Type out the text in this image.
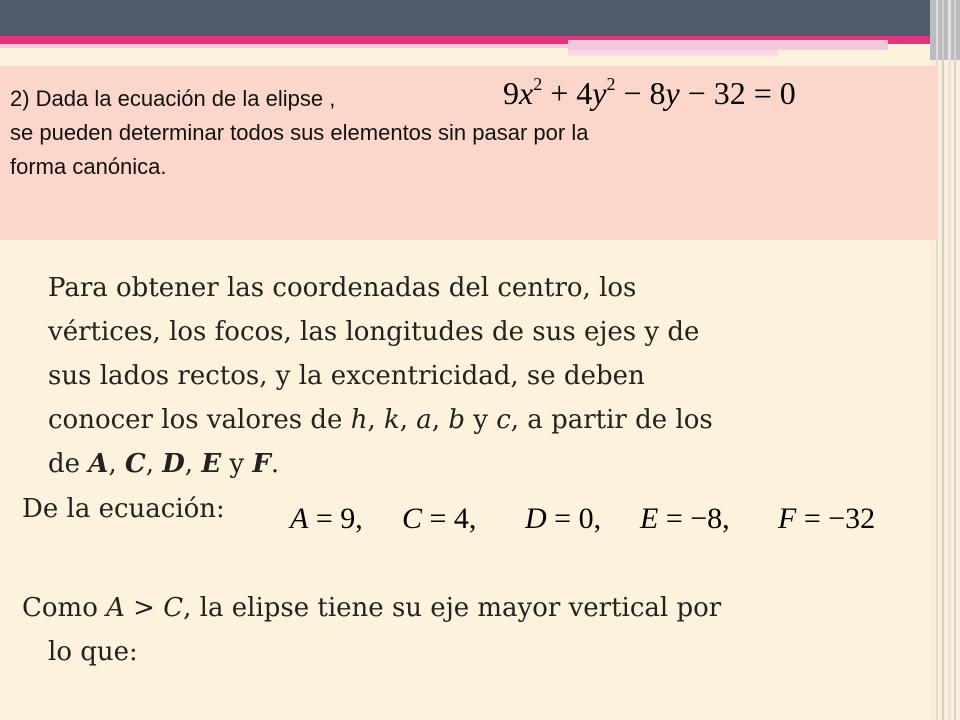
2) Dada la ecuación de la elipse ,
se pueden determinar todos sus elementos sin pasar por la
forma canónica.
$9x^2 + 4y^2 - 8y - 32 = 0$
Para obtener las coordenadas del centro, los
vértices, los focos, las longitudes de sus ejes y de
sus lados rectos, y la excentricidad, se deben
conocer los valores de h, k, a, b y c, a partir de los
de A, C, D, E y F.
De la ecuación: A = 9, C = 4, D = 0, E = −8, F = −32
Como A > C, la elipse tiene su eje mayor vertical por
lo que:
